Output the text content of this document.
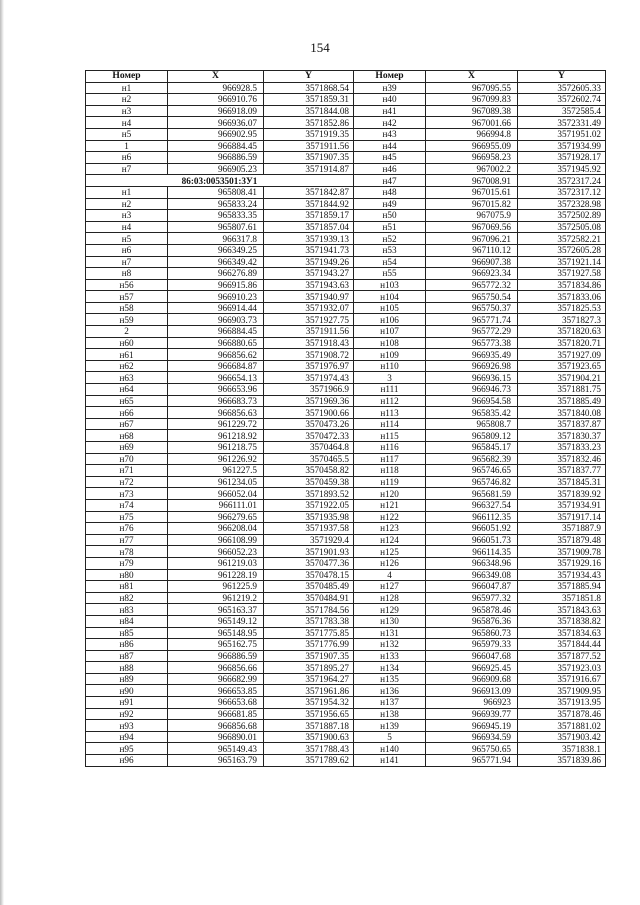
154
Номер	X	Y	Номер	X	Y
н1	966928.5	3571868.54	н39	967095.55	3572605.33
н2	966910.76	3571859.31	н40	967099.83	3572602.74
н3	966918.09	3571844.08	н41	967089.38	3572585.4
н4	966936.07	3571852.86	н42	967001.66	3572331.49
н5	966902.95	3571919.35	н43	966994.8	3571951.02
1	966884.45	3571911.56	н44	966955.09	3571934.99
н6	966886.59	3571907.35	н45	966958.23	3571928.17
н7	966905.23	3571914.87	н46	967002.2	3571945.92
86:03:0053501:3У1			н47	967008.91	3572317.24
н1	965808.41	3571842.87	н48	967015.61	3572317.12
н2	965833.24	3571844.92	н49	967015.82	3572328.98
н3	965833.35	3571859.17	н50	967075.9	3572502.89
н4	965807.61	3571857.04	н51	967069.56	3572505.08
н5	966317.8	3571939.13	н52	967096.21	3572582.21
н6	966349.25	3571941.73	н53	967110.12	3572605.28
н7	966349.42	3571949.26	н54	966907.38	3571921.14
н8	966276.89	3571943.27	н55	966923.34	3571927.58
н56	966915.86	3571943.63	н103	965772.32	3571834.86
н57	966910.23	3571940.97	н104	965750.54	3571833.06
н58	966914.44	3571932.07	н105	965750.37	3571825.53
н59	966903.73	3571927.75	н106	965771.74	3571827.3
2	966884.45	3571911.56	н107	965772.29	3571820.63
н60	966880.65	3571918.43	н108	965773.38	3571820.71
н61	966856.62	3571908.72	н109	966935.49	3571927.09
н62	966684.87	3571976.97	н110	966926.98	3571923.65
н63	966654.13	3571974.43	3	966936.15	3571904.21
н64	966653.96	3571966.9	н111	966946.73	3571881.75
н65	966683.73	3571969.36	н112	966954.58	3571885.49
н66	966856.63	3571900.66	н113	965835.42	3571840.08
н67	961229.72	3570473.26	н114	965808.7	3571837.87
н68	961218.92	3570472.33	н115	965809.12	3571830.37
н69	961218.75	3570464.8	н116	965845.17	3571833.23
н70	961226.92	3570465.5	н117	965682.39	3571832.46
н71	961227.5	3570458.82	н118	965746.65	3571837.77
н72	961234.05	3570459.38	н119	965746.82	3571845.31
н73	966052.04	3571893.52	н120	965681.59	3571839.92
н74	966111.01	3571922.05	н121	966327.54	3571934.91
н75	966279.65	3571935.98	н122	966112.35	3571917.14
н76	966208.04	3571937.58	н123	966051.92	3571887.9
н77	966108.99	3571929.4	н124	966051.73	3571879.48
н78	966052.23	3571901.93	н125	966114.35	3571909.78
н79	961219.03	3570477.36	н126	966348.96	3571929.16
н80	961228.19	3570478.15	4	966349.08	3571934.43
н81	961225.9	3570485.49	н127	966047.87	3571885.94
н82	961219.2	3570484.91	н128	965977.32	3571851.8
н83	965163.37	3571784.56	н129	965878.46	3571843.63
н84	965149.12	3571783.38	н130	965876.36	3571838.82
н85	965148.95	3571775.85	н131	965860.73	3571834.63
н86	965162.75	3571776.99	н132	965979.33	3571844.44
н87	966886.59	3571907.35	н133	966047.68	3571877.52
н88	966856.66	3571895.27	н134	966925.45	3571923.03
н89	966682.99	3571964.27	н135	966909.68	3571916.67
н90	966653.85	3571961.86	н136	966913.09	3571909.95
н91	966653.68	3571954.32	н137	966923	3571913.95
н92	966681.85	3571956.65	н138	966939.77	3571878.46
н93	966856.68	3571887.18	н139	966945.19	3571881.02
н94	966890.01	3571900.63	5	966934.59	3571903.42
н95	965149.43	3571788.43	н140	965750.65	3571838.1
н96	965163.79	3571789.62	н141	965771.94	3571839.86
